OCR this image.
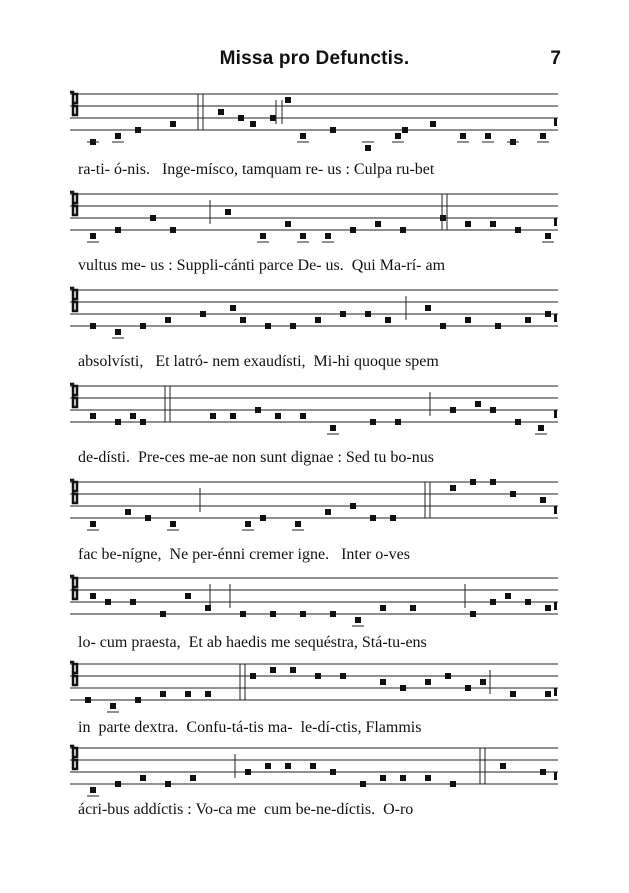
Missa pro Defunctis.	7
ra-ti- ó-nis.   Inge-mísco, tamquam re- us : Culpa ru-bet
vultus me- us : Suppli-cánti parce De- us.  Qui Ma-rí- am
absolvísti,   Et latró- nem exaudísti,  Mi-hi quoque spem
de-dísti.  Pre-ces me-ae non sunt dignae : Sed tu bo-nus
fac be-nígne,  Ne per-énni cremer igne.   Inter o-ves
lo- cum praesta,  Et ab haedis me sequéstra, Stá-tu-ens
in  parte dextra.  Confu-tá-tis ma-  le-dí-ctis, Flammis
ácri-bus addíctis : Vo-ca me  cum be-ne-díctis.  O-ro
